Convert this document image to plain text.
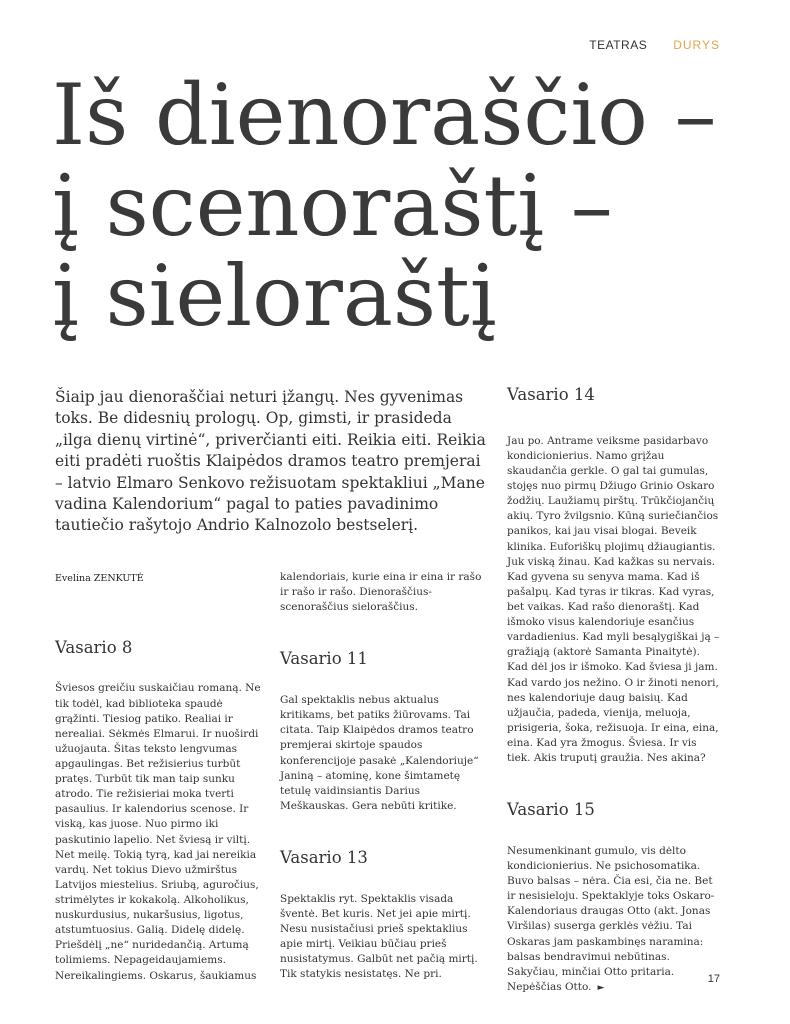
TEATRAS DURYS
Iš dienoraščio –
į scenoraštį –
į sieloraštį

Šiaip jau dienoraščiai neturi įžangų. Nes gyvenimas toks. Be didesnių prologų. Op, gimsti, ir prasideda „ilga dienų virtinė“, priverčianti eiti. Reikia eiti. Reikia eiti pradėti ruoštis Klaipėdos dramos teatro premjerai – latvio Elmaro Senkovo režisuotam spektakliui „Mane vadina Kalendorium“ pagal to paties pavadinimo tautiečio rašytojo Andrio Kalnozolo bestselerį.

Evelina ZENKUTĖ

Vasario 8

Šviesos greičiu suskaičiau romaną. Ne tik todėl, kad biblioteka spaudė grąžinti. Tiesiog patiko. Realiai ir nerealiai. Sėkmės Elmarui. Ir nuoširdi užuojauta. Šitas teksto lengvumas apgaulingas. Bet režisierius turbūt pratęs. Turbūt tik man taip sunku atrodo. Tie režisieriai moka tverti pasaulius. Ir kalendorius scenose. Ir viską, kas juose. Nuo pirmo iki paskutinio lapelio. Net šviesą ir viltį. Net meilę. Tokią tyrą, kad jai nereikia vardų. Net tokius Dievo užmirštus Latvijos miestelius. Sriubą, aguročius, strimėlytes ir kokakolą. Alkoholikus, nuskurdusius, nukaršusius, ligotus, atstumtuosius. Galią. Didelę didelę. Priešdėlį „ne“ nuridedančią. Artumą tolimiems. Nepageidaujamiems. Nereikalingiems. Oskarus, šaukiamus

kalendoriais, kurie eina ir eina ir rašo ir rašo ir rašo. Dienoraščius-scenoraščius sieloraščius.

Vasario 11

Gal spektaklis nebus aktualus kritikams, bet patiks žiūrovams. Tai citata. Taip Klaipėdos dramos teatro premjerai skirtoje spaudos konferencijoje pasakė „Kalendoriuje“ Janiną – atominę, kone šimtametę tetulę vaidinsiantis Darius Meškauskas. Gera nebūti kritike.

Vasario 13

Spektaklis ryt. Spektaklis visada šventė. Bet kuris. Net jei apie mirtį. Nesu nusistačiusi prieš spektaklius apie mirtį. Veikiau būčiau prieš nusistatymus. Galbūt net pačią mirtį. Tik statykis nesistatęs. Ne pri.

Vasario 14

Jau po. Antrame veiksme pasidarbavo kondicionierius. Namo grįžau skaudančia gerkle. O gal tai gumulas, stojęs nuo pirmų Džiugo Grinio Oskaro žodžių. Laužiamų pirštų. Trūkčiojančių akių. Tyro žvilgsnio. Kūną suriečiančios panikos, kai jau visai blogai. Beveik klinika. Euforiškų plojimų džiaugiantis. Juk viską žinau. Kad kažkas su nervais. Kad gyvena su senyva mama. Kad iš pašalpų. Kad tyras ir tikras. Kad vyras, bet vaikas. Kad rašo dienoraštį. Kad išmoko visus kalendoriuje esančius vardadienius. Kad myli besąlygiškai ją – gražiąją (aktorė Samanta Pinaitytė). Kad dėl jos ir išmoko. Kad šviesa ji jam. Kad vardo jos nežino. O ir žinoti nenori, nes kalendoriuje daug baisių. Kad užjaučia, padeda, vienija, meluoja, prisigeria, šoka, režisuoja. Ir eina, eina, eina. Kad yra žmogus. Šviesa. Ir vis tiek. Akis truputį graužia. Nes akina?

Vasario 15

Nesumenkinant gumulo, vis dėlto kondicionierius. Ne psichosomatika. Buvo balsas – nėra. Čia esi, čia ne. Bet ir nesisieloju. Spektaklyje toks Oskaro-Kalendoriaus draugas Otto (akt. Jonas Viršilas) suserga gerklės vėžiu. Tai Oskaras jam paskambinęs naramina: balsas bendravimui nebūtinas. Sakyčiau, minčiai Otto pritaria. Nepėščias Otto. ►

17
